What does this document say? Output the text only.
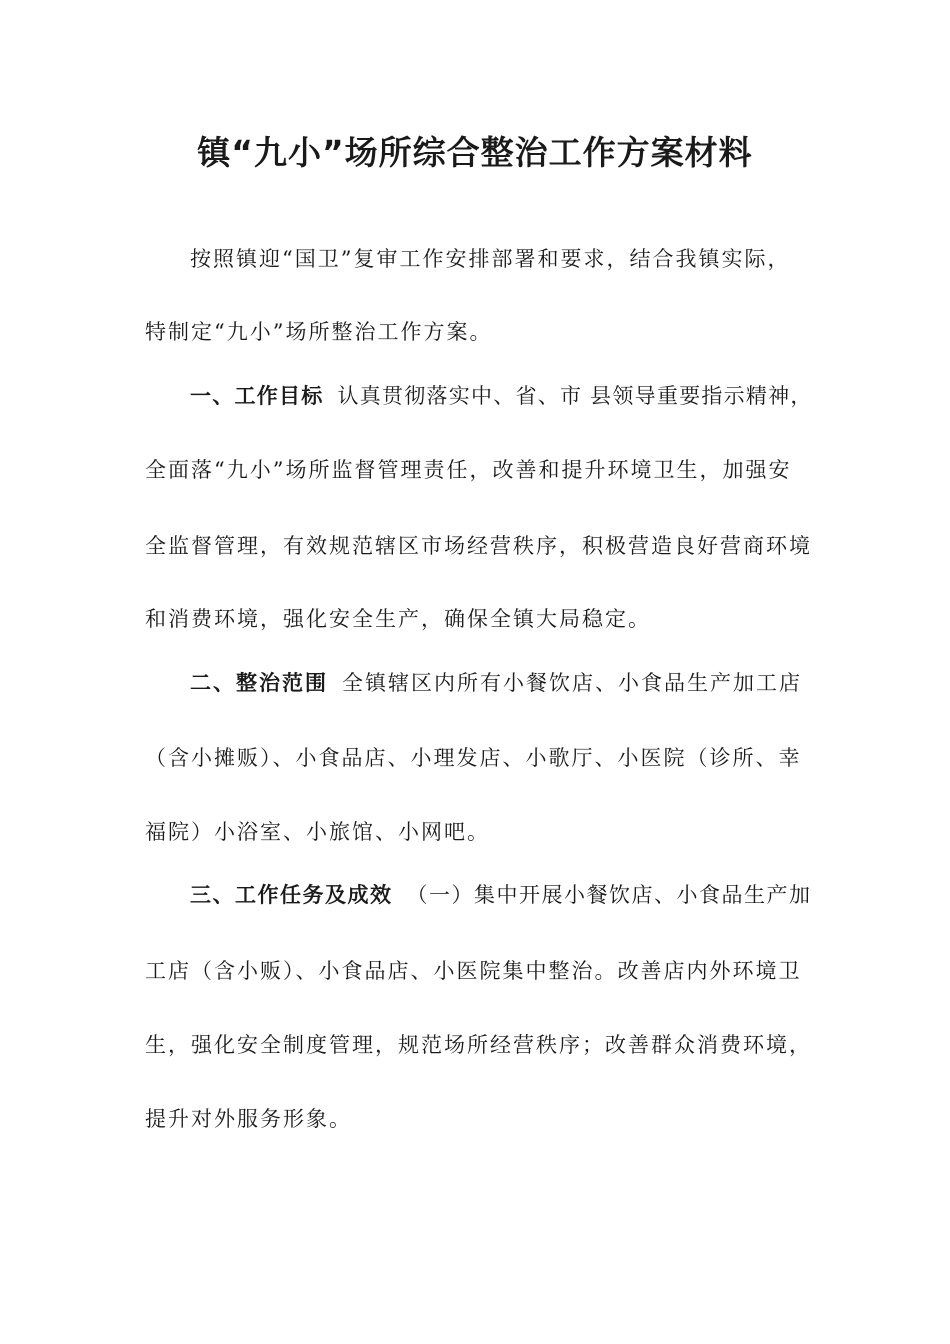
镇“九小”场所综合整治工作方案材料
按照镇迎“国卫”复审工作安排部署和要求，结合我镇实际，
特制定“九小”场所整治工作方案。
一、工作目标 认真贯彻落实中、省、市 县领导重要指示精神，
全面落“九小”场所监督管理责任，改善和提升环境卫生，加强安
全监督管理，有效规范辖区市场经营秩序，积极营造良好营商环境
和消费环境，强化安全生产，确保全镇大局稳定。
二、整治范围 全镇辖区内所有小餐饮店、小食品生产加工店
（含小摊贩）、小食品店、小理发店、小歌厅、小医院（诊所、幸
福院）小浴室、小旅馆、小网吧。
三、工作任务及成效 （一）集中开展小餐饮店、小食品生产加
工店（含小贩）、小食品店、小医院集中整治。改善店内外环境卫
生，强化安全制度管理，规范场所经营秩序；改善群众消费环境，
提升对外服务形象。
